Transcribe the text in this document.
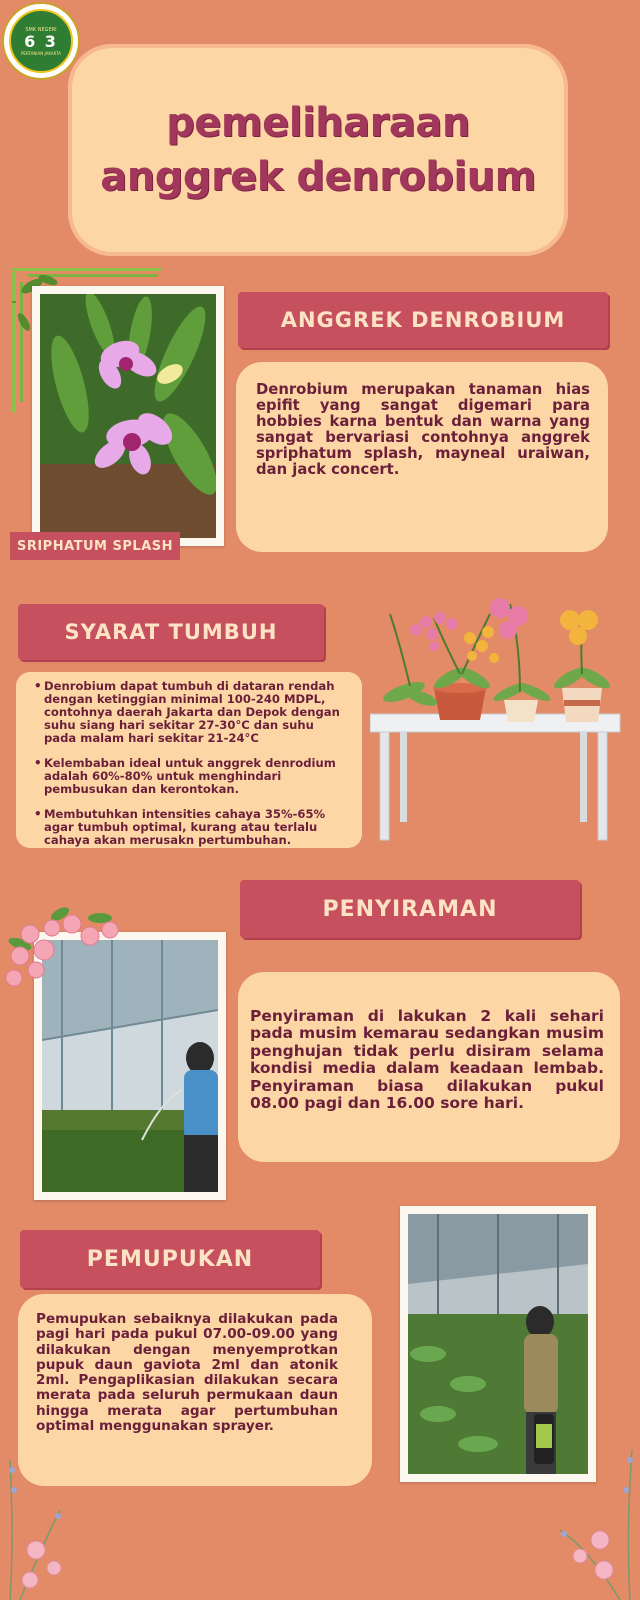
SMK NEGERI
6 3
PERTANIAN JAKARTA
pemeliharaan anggrek denrobium
SRIPHATUM SPLASH
ANGGREK DENROBIUM
Denrobium merupakan tanaman hias epifit yang sangat digemari para hobbies karna bentuk dan warna yang sangat bervariasi contohnya anggrek spriphatum splash, mayneal uraiwan, dan jack concert.
SYARAT TUMBUH
• Denrobium dapat tumbuh di dataran rendah dengan ketinggian minimal 100-240 MDPL, contohnya daerah Jakarta dan Depok dengan suhu siang hari sekitar 27-30°C dan suhu pada malam hari sekitar 21-24°C
• Kelembaban ideal untuk anggrek denrodium adalah 60%-80% untuk menghindari pembusukan dan kerontokan.
• Membutuhkan intensities cahaya 35%-65% agar tumbuh optimal, kurang atau terlalu cahaya akan merusakn pertumbuhan.
PENYIRAMAN
Penyiraman di lakukan 2 kali sehari pada musim kemarau sedangkan musim penghujan tidak perlu disiram selama kondisi media dalam keadaan lembab. Penyiraman biasa dilakukan pukul 08.00 pagi dan 16.00 sore hari.
PEMUPUKAN
Pemupukan sebaiknya dilakukan pada pagi hari pada pukul 07.00-09.00 yang dilakukan dengan menyemprotkan pupuk daun gaviota 2ml dan atonik 2ml. Pengaplikasian dilakukan secara merata pada seluruh permukaan daun hingga merata agar pertumbuhan optimal menggunakan sprayer.
